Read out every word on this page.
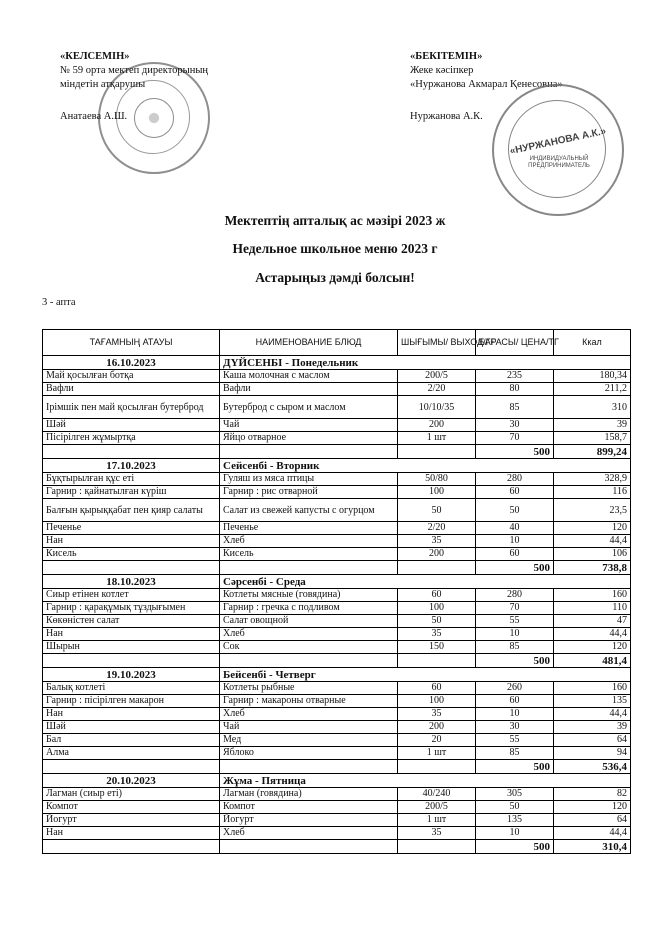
«КЕЛСЕМІН»
№ 59 орта мектеп директорының
міндетін атқарушы
Анатаева А.Ш.
«БЕКІТЕМІН»
Жеке кәсіпкер
«Нуржанова Акмарал Қенесовна»
Нуржанова А.К.
«НУРЖАНОВА А.К.»
ИНДИВИДУАЛЬНЫЙ ПРЕДПРИНИМАТЕЛЬ
Мектептің апталық ас мәзірі 2023 ж
Недельное школьное меню 2023 г
Астарыңыз дәмді болсын!
3 - апта
ТАҒАМНЫҢ АТАУЫ	НАИМЕНОВАНИЕ БЛЮД	ШЫҒЫМЫ/ ВЫХОД/ГР	БАҒАСЫ/ ЦЕНА/ТГ	Ккал
16.10.2023	ДҮЙСЕНБІ - Понедельник			
Май қосылған ботқа	Каша молочная с маслом	200/5	235	180,34
Вафли	Вафли	2/20	80	211,2
Ірімшік пен май қосылған бутерброд	Бутерброд с сыром и маслом	10/10/35	85	310
Шәй	Чай	200	30	39
Пісірілген жұмыртқа	Яйцо отварное	1 шт	70	158,7
			500	899,24
17.10.2023	Сейсенбі - Вторник			
Бұқтырылған құс еті	Гуляш из мяса птицы	50/80	280	328,9
Гарнир : қайнатылған күріш	Гарнир : рис отварной	100	60	116
Балғын қырыққабат пен қияр салаты	Салат из свежей капусты с огурцом	50	50	23,5
Печенье	Печенье	2/20	40	120
Нан	Хлеб	35	10	44,4
Кисель	Кисель	200	60	106
			500	738,8
18.10.2023	Сәрсенбі - Среда			
Сиыр етінен котлет	Котлеты мясные (говядина)	60	280	160
Гарнир : қарақұмық тұздығымен	Гарнир : гречка с подливом	100	70	110
Көкөністен салат	Салат овощной	50	55	47
Нан	Хлеб	35	10	44,4
Шырын	Сок	150	85	120
			500	481,4
19.10.2023	Бейсенбі - Четверг			
Балық котлеті	Котлеты рыбные	60	260	160
Гарнир : пісірілген макарон	Гарнир : макароны отварные	100	60	135
Нан	Хлеб	35	10	44,4
Шәй	Чай	200	30	39
Бал	Мед	20	55	64
Алма	Яблоко	1 шт	85	94
			500	536,4
20.10.2023	Жұма - Пятница			
Лагман (сиыр еті)	Лагман (говядина)	40/240	305	82
Компот	Компот	200/5	50	120
Йогурт	Йогурт	1 шт	135	64
Нан	Хлеб	35	10	44,4
			500	310,4
